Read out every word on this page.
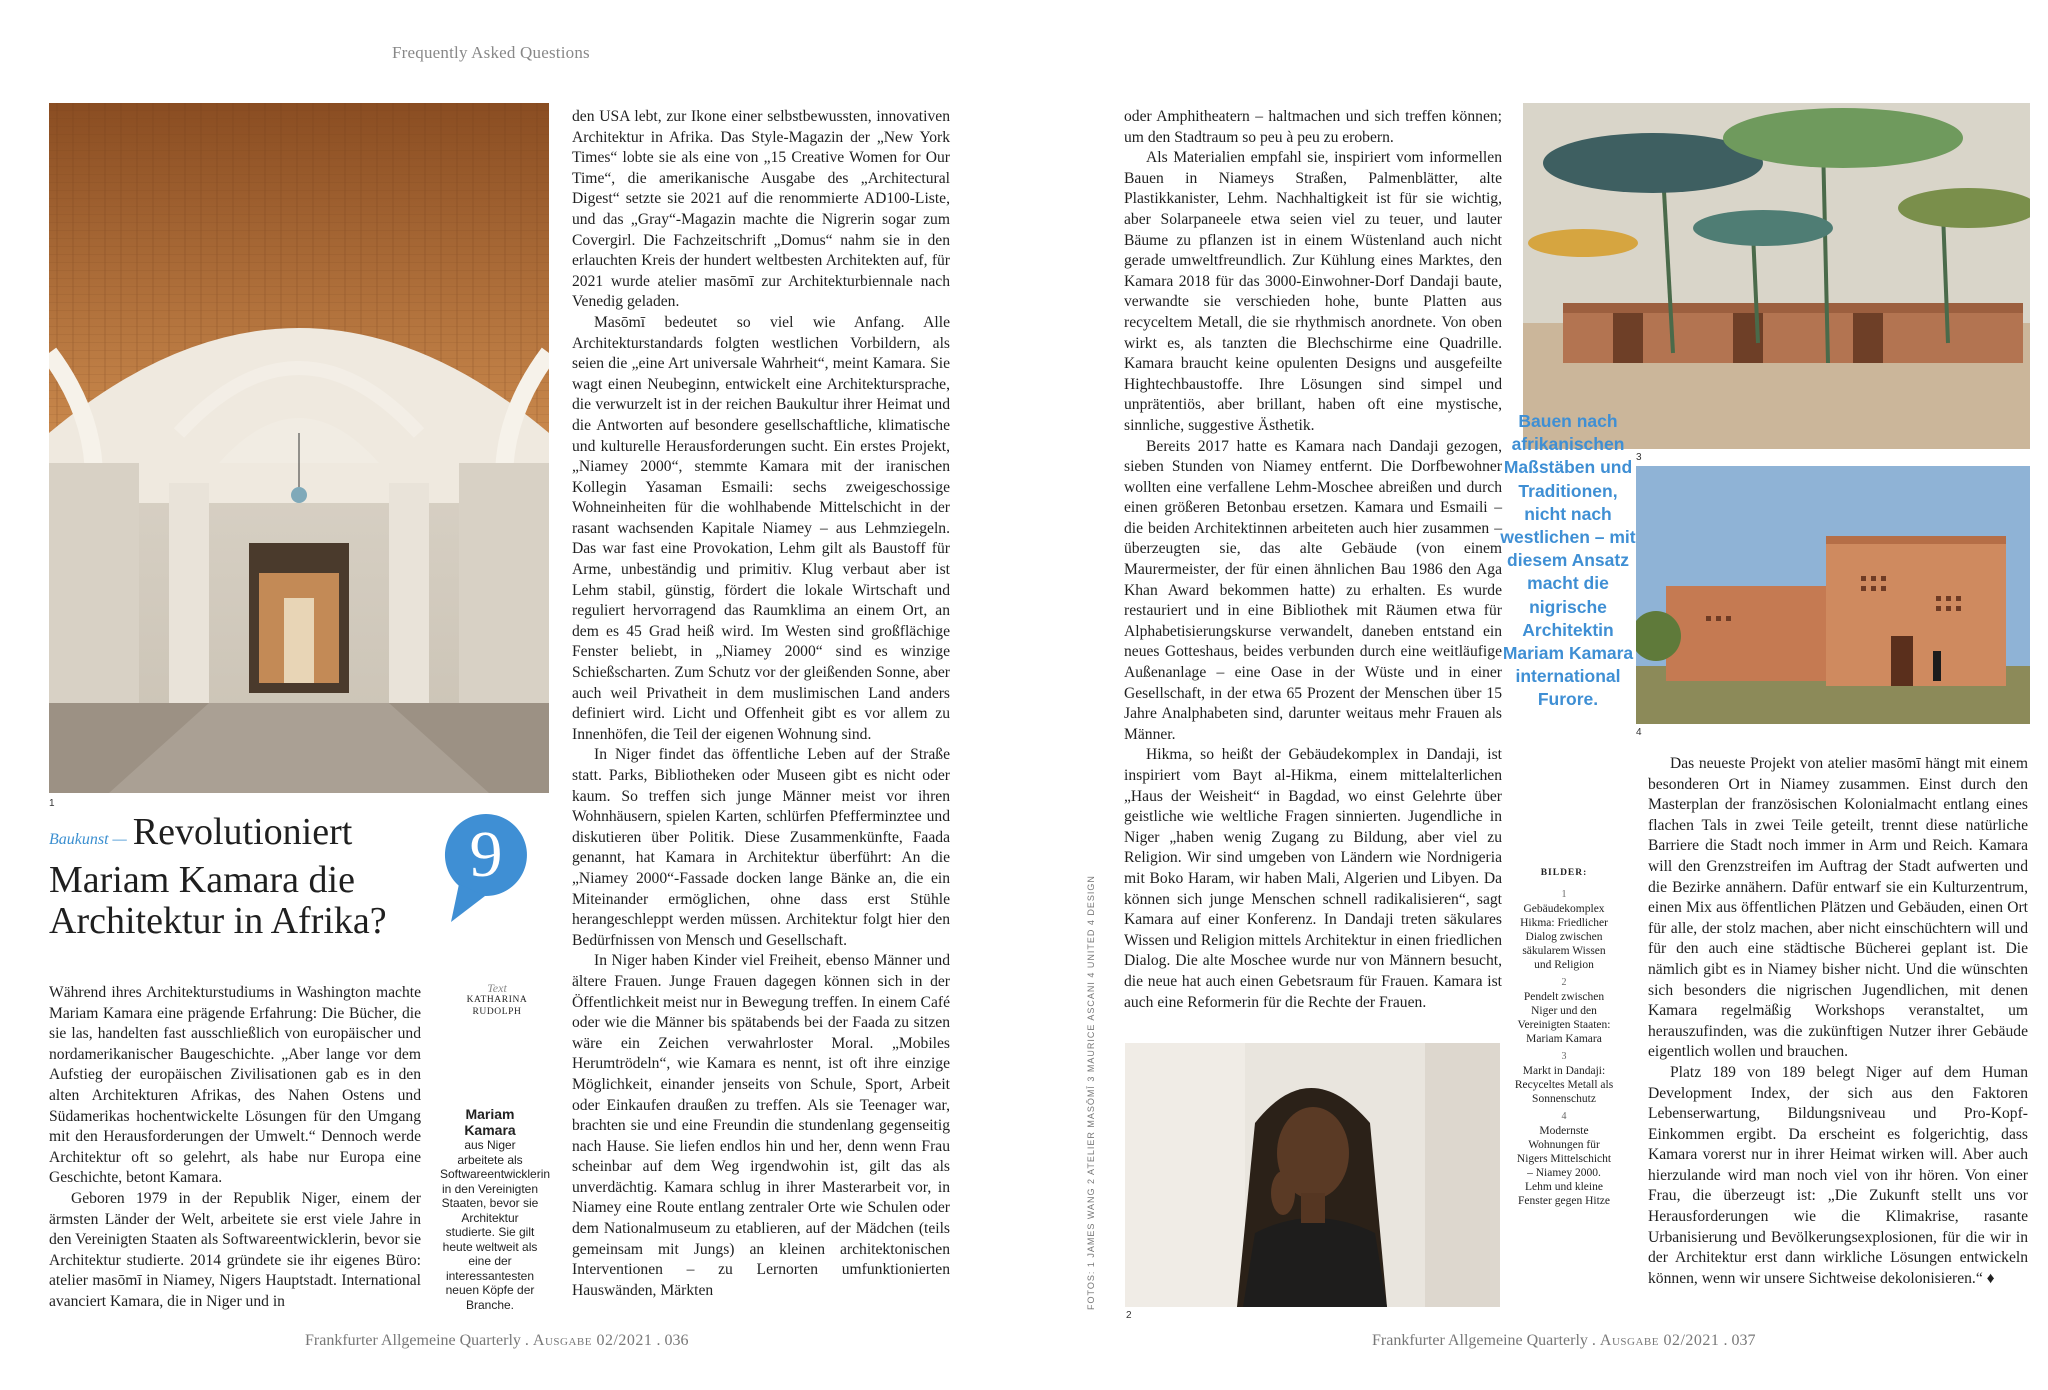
Frequently Asked Questions
1
Baukunst — Revolutioniert Mariam Kamara die Architektur in Afrika?
9
Text
KATHARINA
RUDOLPH
Mariam Kamara
aus Niger arbeitete als Softwareentwicklerin in den Vereinigten Staaten, bevor sie Architektur studierte. Sie gilt heute weltweit als eine der interessantesten neuen Köpfe der Branche.

Während ihres Architekturstudiums in Washington machte Mariam Kamara eine prägende Erfahrung: Die Bücher, die sie las, handelten fast ausschließlich von europäischer und nordamerikanischer Baugeschichte. „Aber lange vor dem Aufstieg der europäischen Zivilisationen gab es in den alten Architekturen Afrikas, des Nahen Ostens und Südamerikas hochentwickelte Lösungen für den Umgang mit den Herausforderungen der Umwelt.“ Dennoch werde Architektur oft so gelehrt, als habe nur Europa eine Geschichte, betont Kamara.

Geboren 1979 in der Republik Niger, einem der ärmsten Länder der Welt, arbeitete sie erst viele Jahre in den Vereinigten Staaten als Softwareentwicklerin, bevor sie Architektur studierte. 2014 gründete sie ihr eigenes Büro: atelier masōmī in Niamey, Nigers Hauptstadt. International avanciert Kamara, die in Niger und in

den USA lebt, zur Ikone einer selbstbewussten, innovativen Architektur in Afrika. Das Style-Magazin der „New York Times“ lobte sie als eine von „15 Creative Women for Our Time“, die amerikanische Ausgabe des „Architectural Digest“ setzte sie 2021 auf die renommierte AD100-Liste, und das „Gray“-Magazin machte die Nigrerin sogar zum Covergirl. Die Fachzeitschrift „Domus“ nahm sie in den erlauchten Kreis der hundert weltbesten Architekten auf, für 2021 wurde atelier masōmī zur Architekturbiennale nach Venedig geladen.

Masōmī bedeutet so viel wie Anfang. Alle Architekturstandards folgten westlichen Vorbildern, als seien die „eine Art universale Wahrheit“, meint Kamara. Sie wagt einen Neubeginn, entwickelt eine Architektursprache, die verwurzelt ist in der reichen Baukultur ihrer Heimat und die Antworten auf besondere gesellschaftliche, klimatische und kulturelle Herausforderungen sucht. Ein erstes Projekt, „Niamey 2000“, stemmte Kamara mit der iranischen Kollegin Yasaman Esmaili: sechs zweigeschossige Wohneinheiten für die wohlhabende Mittelschicht in der rasant wachsenden Kapitale Niamey – aus Lehmziegeln. Das war fast eine Provokation, Lehm gilt als Baustoff für Arme, unbeständig und primitiv. Klug verbaut aber ist Lehm stabil, günstig, fördert die lokale Wirtschaft und reguliert hervorragend das Raumklima an einem Ort, an dem es 45 Grad heiß wird. Im Westen sind großflächige Fenster beliebt, in „Niamey 2000“ sind es winzige Schießscharten. Zum Schutz vor der gleißenden Sonne, aber auch weil Privatheit in dem muslimischen Land anders definiert wird. Licht und Offenheit gibt es vor allem zu Innenhöfen, die Teil der eigenen Wohnung sind.

In Niger findet das öffentliche Leben auf der Straße statt. Parks, Bibliotheken oder Museen gibt es nicht oder kaum. So treffen sich junge Männer meist vor ihren Wohnhäusern, spielen Karten, schlürfen Pfefferminztee und diskutieren über Politik. Diese Zusammenkünfte, Faada genannt, hat Kamara in Architektur überführt: An die „Niamey 2000“-Fassade docken lange Bänke an, die ein Miteinander ermöglichen, ohne dass erst Stühle herangeschleppt werden müssen. Architektur folgt hier den Bedürfnissen von Mensch und Gesellschaft.

In Niger haben Kinder viel Freiheit, ebenso Männer und ältere Frauen. Junge Frauen dagegen können sich in der Öffentlichkeit meist nur in Bewegung treffen. In einem Café oder wie die Männer bis spätabends bei der Faada zu sitzen wäre ein Zeichen verwahrloster Moral. „Mobiles Herumtrödeln“, wie Kamara es nennt, ist oft ihre einzige Möglichkeit, einander jenseits von Schule, Sport, Arbeit oder Einkaufen draußen zu treffen. Als sie Teenager war, brachten sie und eine Freundin die stundenlang gegenseitig nach Hause. Sie liefen endlos hin und her, denn wenn Frau scheinbar auf dem Weg irgendwohin ist, gilt das als unverdächtig. Kamara schlug in ihrer Masterarbeit vor, in Niamey eine Route entlang zentraler Orte wie Schulen oder dem Nationalmuseum zu etablieren, auf der Mädchen (teils gemeinsam mit Jungs) an kleinen architektonischen Interventionen – zu Lernorten umfunktionierten Hauswänden, Märkten

Frankfurter Allgemeine Quarterly . Ausgabe 02/2021 . 036

oder Amphitheatern – haltmachen und sich treffen können; um den Stadtraum so peu à peu zu erobern.

Als Materialien empfahl sie, inspiriert vom informellen Bauen in Niameys Straßen, Palmenblätter, alte Plastikkanister, Lehm. Nachhaltigkeit ist für sie wichtig, aber Solarpaneele etwa seien viel zu teuer, und lauter Bäume zu pflanzen ist in einem Wüstenland auch nicht gerade umweltfreundlich. Zur Kühlung eines Marktes, den Kamara 2018 für das 3000-Einwohner-Dorf Dandaji baute, verwandte sie verschieden hohe, bunte Platten aus recyceltem Metall, die sie rhythmisch anordnete. Von oben wirkt es, als tanzten die Blechschirme eine Quadrille. Kamara braucht keine opulenten Designs und ausgefeilte Hightechbaustoffe. Ihre Lösungen sind simpel und unprätentiös, aber brillant, haben oft eine mystische, sinnliche, suggestive Ästhetik.

Bereits 2017 hatte es Kamara nach Dandaji gezogen, sieben Stunden von Niamey entfernt. Die Dorfbewohner wollten eine verfallene Lehm-Moschee abreißen und durch einen größeren Betonbau ersetzen. Kamara und Esmaili – die beiden Architektinnen arbeiteten auch hier zusammen – überzeugten sie, das alte Gebäude (von einem Maurermeister, der für einen ähnlichen Bau 1986 den Aga Khan Award bekommen hatte) zu erhalten. Es wurde restauriert und in eine Bibliothek mit Räumen etwa für Alphabetisierungskurse verwandelt, daneben entstand ein neues Gotteshaus, beides verbunden durch eine weitläufige Außenanlage – eine Oase in der Wüste und in einer Gesellschaft, in der etwa 65 Prozent der Menschen über 15 Jahre Analphabeten sind, darunter weitaus mehr Frauen als Männer.

Hikma, so heißt der Gebäudekomplex in Dandaji, ist inspiriert vom Bayt al-Hikma, einem mittelalterlichen „Haus der Weisheit“ in Bagdad, wo einst Gelehrte über geistliche wie weltliche Fragen sinnierten. Jugendliche in Niger „haben wenig Zugang zu Bildung, aber viel zu Religion. Wir sind umgeben von Ländern wie Nordnigeria mit Boko Haram, wir haben Mali, Algerien und Libyen. Da können sich junge Menschen schnell radikalisieren“, sagt Kamara auf einer Konferenz. In Dandaji treten säkulares Wissen und Religion mittels Architektur in einen friedlichen Dialog. Die alte Moschee wurde nur von Männern besucht, die neue hat auch einen Gebetsraum für Frauen. Kamara ist auch eine Reformerin für die Rechte der Frauen.

2
FOTOS: 1 JAMES WANG 2 ATELIER MASŌMĪ 3 MAURICE ASCANI 4 UNITED 4 DESIGN
3
Bauen nach afrikanischen Maßstäben und Traditionen, nicht nach westlichen – mit diesem Ansatz macht die nigrische Architektin Mariam Kamara international Furore.
4
BILDER:
1
Gebäudekomplex Hikma: Friedlicher Dialog zwischen säkularem Wissen und Religion
2
Pendelt zwischen Niger und den Vereinigten Staaten: Mariam Kamara
3
Markt in Dandaji: Recyceltes Metall als Sonnenschutz
4
Modernste Wohnungen für Nigers Mittelschicht – Niamey 2000. Lehm und kleine Fenster gegen Hitze

Das neueste Projekt von atelier masōmī hängt mit einem besonderen Ort in Niamey zusammen. Einst durch den Masterplan der französischen Kolonialmacht entlang eines flachen Tals in zwei Teile geteilt, trennt diese natürliche Barriere die Stadt noch immer in Arm und Reich. Kamara will den Grenzstreifen im Auftrag der Stadt aufwerten und die Bezirke annähern. Dafür entwarf sie ein Kulturzentrum, einen Mix aus öffentlichen Plätzen und Gebäuden, einen Ort für alle, der stolz machen, aber nicht einschüchtern will und für den auch eine städtische Bücherei geplant ist. Die nämlich gibt es in Niamey bisher nicht. Und die wünschten sich besonders die nigrischen Jugendlichen, mit denen Kamara regelmäßig Workshops veranstaltet, um herauszufinden, was die zukünftigen Nutzer ihrer Gebäude eigentlich wollen und brauchen.

Platz 189 von 189 belegt Niger auf dem Human Development Index, der sich aus den Faktoren Lebenserwartung, Bildungsniveau und Pro-Kopf-Einkommen ergibt. Da erscheint es folgerichtig, dass Kamara vorerst nur in ihrer Heimat wirken will. Aber auch hierzulande wird man noch viel von ihr hören. Von einer Frau, die überzeugt ist: „Die Zukunft stellt uns vor Herausforderungen wie die Klimakrise, rasante Urbanisierung und Bevölkerungsexplosionen, für die wir in der Architektur erst dann wirkliche Lösungen entwickeln können, wenn wir unsere Sichtweise dekolonisieren.“ ♦

Frankfurter Allgemeine Quarterly . Ausgabe 02/2021 . 037
